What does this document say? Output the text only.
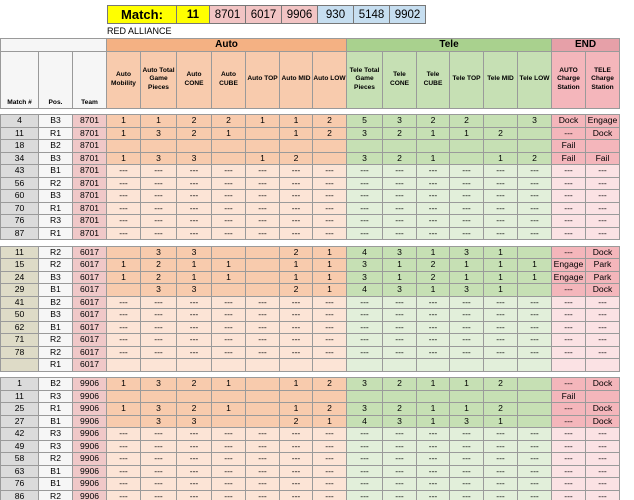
Match:	11	8701 6017 9906	930	5148 9902
RED ALLIANCE
			Auto							Tele						END	
Match #	Pos.	Team	Auto Mobility	Auto Total Game Pieces	Auto CONE	Auto CUBE	Auto TOP	Auto MID	Auto LOW	Tele Total Game Pieces	Tele CONE	Tele CUBE	Tele TOP	Tele MID	Tele LOW	AUTO Charge Station	TELE Charge Station

4	B3	8701	1	1	2	2	1	1	2	5	3	2	2		3	Dock	Engage
11	R1	8701	1	3	2	1		1	2	3	2	1	1	2		---	Dock
18	B2	8701														Fail	
34	B3	8701	1	3	3		1	2		3	2	1		1	2	Fail	Fail
43	B1	8701	---	---	---	---	---	---	---	---	---	---	---	---	---	---	---
56	R2	8701	---	---	---	---	---	---	---	---	---	---	---	---	---	---	---
60	B3	8701	---	---	---	---	---	---	---	---	---	---	---	---	---	---	---
70	R1	8701	---	---	---	---	---	---	---	---	---	---	---	---	---	---	---
76	R3	8701	---	---	---	---	---	---	---	---	---	---	---	---	---	---	---
87	R1	8701	---	---	---	---	---	---	---	---	---	---	---	---	---	---	---

11	R2	6017		3	3			2	1	4	3	1	3	1		---	Dock
15	R2	6017	1	2	1	1		1	1	3	1	2	1	1	1	Engage	Park
24	B3	6017	1	2	1	1		1	1	3	1	2	1	1	1	Engage	Park
29	B1	6017		3	3			2	1	4	3	1	3	1		---	Dock
41	B2	6017	---	---	---	---	---	---	---	---	---	---	---	---	---	---	---
50	B3	6017	---	---	---	---	---	---	---	---	---	---	---	---	---	---	---
62	B1	6017	---	---	---	---	---	---	---	---	---	---	---	---	---	---	---
71	R2	6017	---	---	---	---	---	---	---	---	---	---	---	---	---	---	---
78	R2	6017	---	---	---	---	---	---	---	---	---	---	---	---	---	---	---
	R1	6017															

1	B2	9906	1	3	2	1		1	2	3	2	1	1	2		---	Dock
11	R3	9906														Fail	
25	R1	9906	1	3	2	1		1	2	3	2	1	1	2		---	Dock
27	B1	9906		3	3			2	1	4	3	1	3	1		---	Dock
42	R3	9906	---	---	---	---	---	---	---	---	---	---	---	---	---	---	---
49	R3	9906	---	---	---	---	---	---	---	---	---	---	---	---	---	---	---
58	R2	9906	---	---	---	---	---	---	---	---	---	---	---	---	---	---	---
63	B1	9906	---	---	---	---	---	---	---	---	---	---	---	---	---	---	---
76	B1	9906	---	---	---	---	---	---	---	---	---	---	---	---	---	---	---
86	R2	9906	---	---	---	---	---	---	---	---	---	---	---	---	---	---	---
